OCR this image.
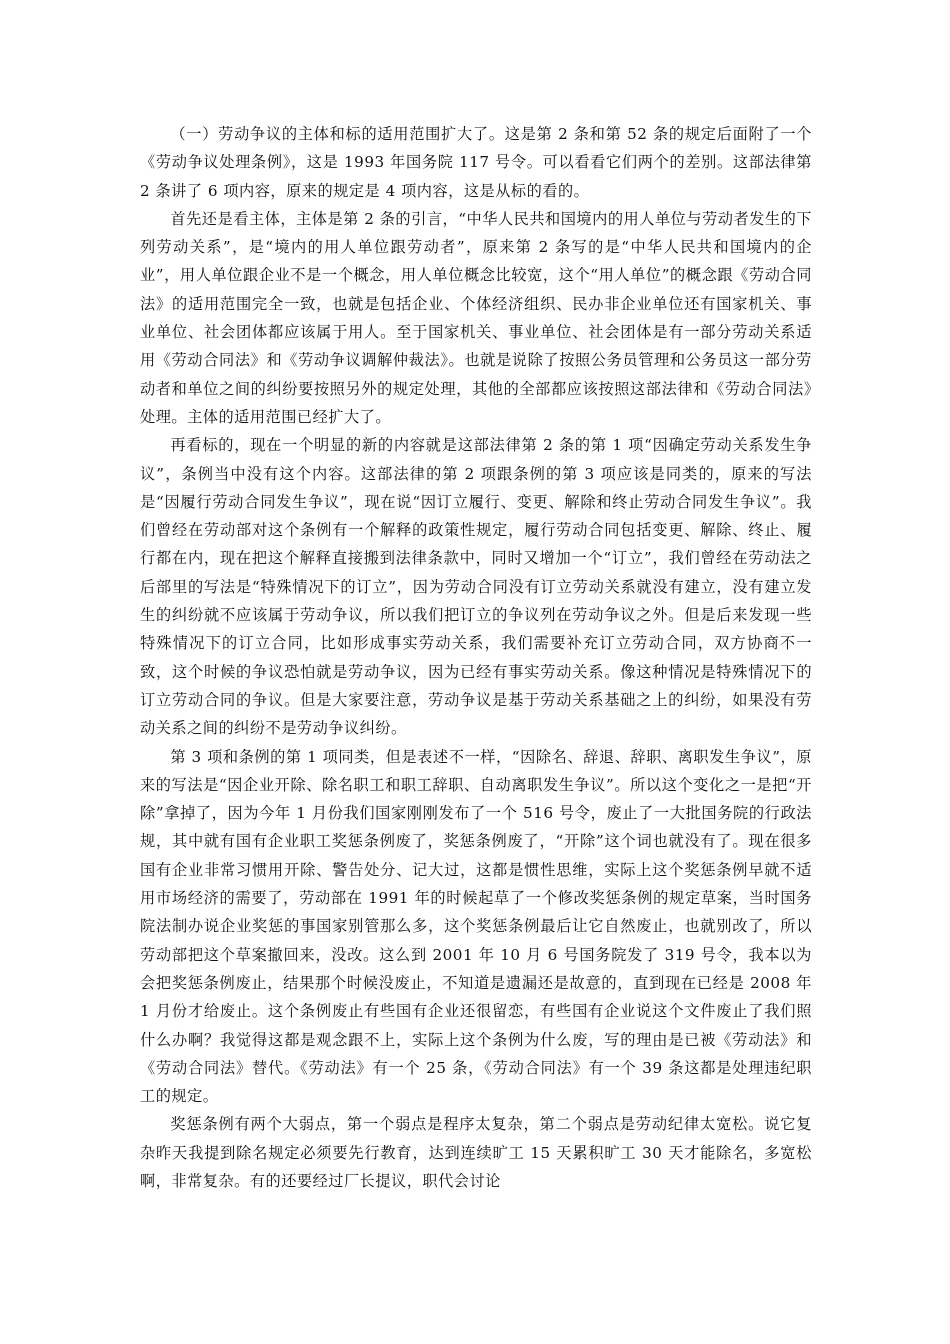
（一）劳动争议的主体和标的适用范围扩大了。这是第 2 条和第 52 条的规定后面附了一个《劳动争议处理条例》，这是 1993 年国务院 117 号令。可以看看它们两个的差别。这部法律第 2 条讲了 6 项内容，原来的规定是 4 项内容，这是从标的看的。

首先还是看主体，主体是第 2 条的引言，“中华人民共和国境内的用人单位与劳动者发生的下列劳动关系”，是“境内的用人单位跟劳动者”，原来第 2 条写的是“中华人民共和国境内的企业”，用人单位跟企业不是一个概念，用人单位概念比较宽，这个“用人单位”的概念跟《劳动合同法》的适用范围完全一致，也就是包括企业、个体经济组织、民办非企业单位还有国家机关、事业单位、社会团体都应该属于用人。至于国家机关、事业单位、社会团体是有一部分劳动关系适用《劳动合同法》和《劳动争议调解仲裁法》。也就是说除了按照公务员管理和公务员这一部分劳动者和单位之间的纠纷要按照另外的规定处理，其他的全部都应该按照这部法律和《劳动合同法》处理。主体的适用范围已经扩大了。

再看标的，现在一个明显的新的内容就是这部法律第 2 条的第 1 项“因确定劳动关系发生争议”，条例当中没有这个内容。这部法律的第 2 项跟条例的第 3 项应该是同类的，原来的写法是“因履行劳动合同发生争议”，现在说“因订立履行、变更、解除和终止劳动合同发生争议”。我们曾经在劳动部对这个条例有一个解释的政策性规定，履行劳动合同包括变更、解除、终止、履行都在内，现在把这个解释直接搬到法律条款中，同时又增加一个“订立”，我们曾经在劳动法之后部里的写法是“特殊情况下的订立”，因为劳动合同没有订立劳动关系就没有建立，没有建立发生的纠纷就不应该属于劳动争议，所以我们把订立的争议列在劳动争议之外。但是后来发现一些特殊情况下的订立合同，比如形成事实劳动关系，我们需要补充订立劳动合同，双方协商不一致，这个时候的争议恐怕就是劳动争议，因为已经有事实劳动关系。像这种情况是特殊情况下的订立劳动合同的争议。但是大家要注意，劳动争议是基于劳动关系基础之上的纠纷，如果没有劳动关系之间的纠纷不是劳动争议纠纷。

第 3 项和条例的第 1 项同类，但是表述不一样，“因除名、辞退、辞职、离职发生争议”，原来的写法是“因企业开除、除名职工和职工辞职、自动离职发生争议”。所以这个变化之一是把“开除”拿掉了，因为今年 1 月份我们国家刚刚发布了一个 516 号令，废止了一大批国务院的行政法规，其中就有国有企业职工奖惩条例废了，奖惩条例废了，“开除”这个词也就没有了。现在很多国有企业非常习惯用开除、警告处分、记大过，这都是惯性思维，实际上这个奖惩条例早就不适用市场经济的需要了，劳动部在 1991 年的时候起草了一个修改奖惩条例的规定草案，当时国务院法制办说企业奖惩的事国家别管那么多，这个奖惩条例最后让它自然废止，也就别改了，所以劳动部把这个草案撤回来，没改。这么到 2001 年 10 月 6 号国务院发了 319 号令，我本以为会把奖惩条例废止，结果那个时候没废止，不知道是遗漏还是故意的，直到现在已经是 2008 年 1 月份才给废止。这个条例废止有些国有企业还很留恋，有些国有企业说这个文件废止了我们照什么办啊？我觉得这都是观念跟不上，实际上这个条例为什么废，写的理由是已被《劳动法》和《劳动合同法》替代。《劳动法》有一个 25 条，《劳动合同法》有一个 39 条这都是处理违纪职工的规定。

奖惩条例有两个大弱点，第一个弱点是程序太复杂，第二个弱点是劳动纪律太宽松。说它复杂昨天我提到除名规定必须要先行教育，达到连续旷工 15 天累积旷工 30 天才能除名，多宽松啊，非常复杂。有的还要经过厂长提议，职代会讨论
